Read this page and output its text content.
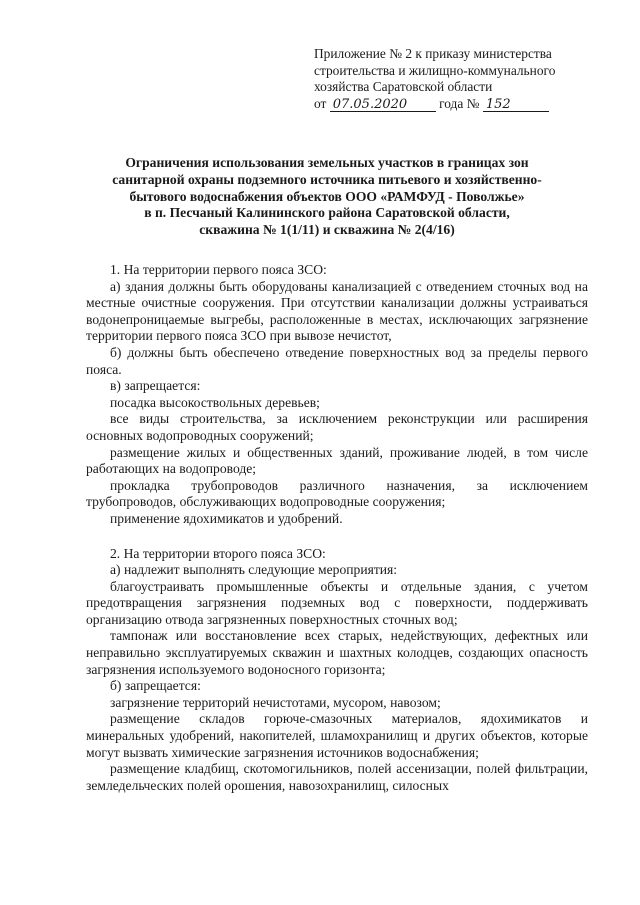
Приложение № 2 к приказу министерства
строительства и жилищно-коммунального
хозяйства Саратовской области
от 07.05.2020 года № 152
Ограничения использования земельных участков в границах зон
санитарной охраны подземного источника питьевого и хозяйственно-
бытового водоснабжения объектов ООО «РАМФУД - Поволжье»
в п. Песчаный Калининского района Саратовской области,
скважина № 1(1/11) и скважина № 2(4/16)

1. На территории первого пояса ЗСО:

а) здания должны быть оборудованы канализацией с отведением сточных вод на местные очистные сооружения. При отсутствии канализации должны устраиваться водонепроницаемые выгребы, расположенные в местах, исключающих загрязнение территории первого пояса ЗСО при вывозе нечистот,

б) должны быть обеспечено отведение поверхностных вод за пределы первого пояса.

в) запрещается:

посадка высокоствольных деревьев;

все виды строительства, за исключением реконструкции или расширения основных водопроводных сооружений;

размещение жилых и общественных зданий, проживание людей, в том числе работающих на водопроводе;

прокладка трубопроводов различного назначения, за исключением трубопроводов, обслуживающих водопроводные сооружения;

применение ядохимикатов и удобрений.

2. На территории второго пояса ЗСО:

а) надлежит выполнять следующие мероприятия:

благоустраивать промышленные объекты и отдельные здания, с учетом предотвращения загрязнения подземных вод с поверхности, поддерживать организацию отвода загрязненных поверхностных сточных вод;

тампонаж или восстановление всех старых, недействующих, дефектных или неправильно эксплуатируемых скважин и шахтных колодцев, создающих опасность загрязнения используемого водоносного горизонта;

б) запрещается:

загрязнение территорий нечистотами, мусором, навозом;

размещение складов горюче-смазочных материалов, ядохимикатов и минеральных удобрений, накопителей, шламохранилищ и других объектов, которые могут вызвать химические загрязнения источников водоснабжения;

размещение кладбищ, скотомогильников, полей ассенизации, полей фильтрации, земледельческих полей орошения, навозохранилищ, силосных
